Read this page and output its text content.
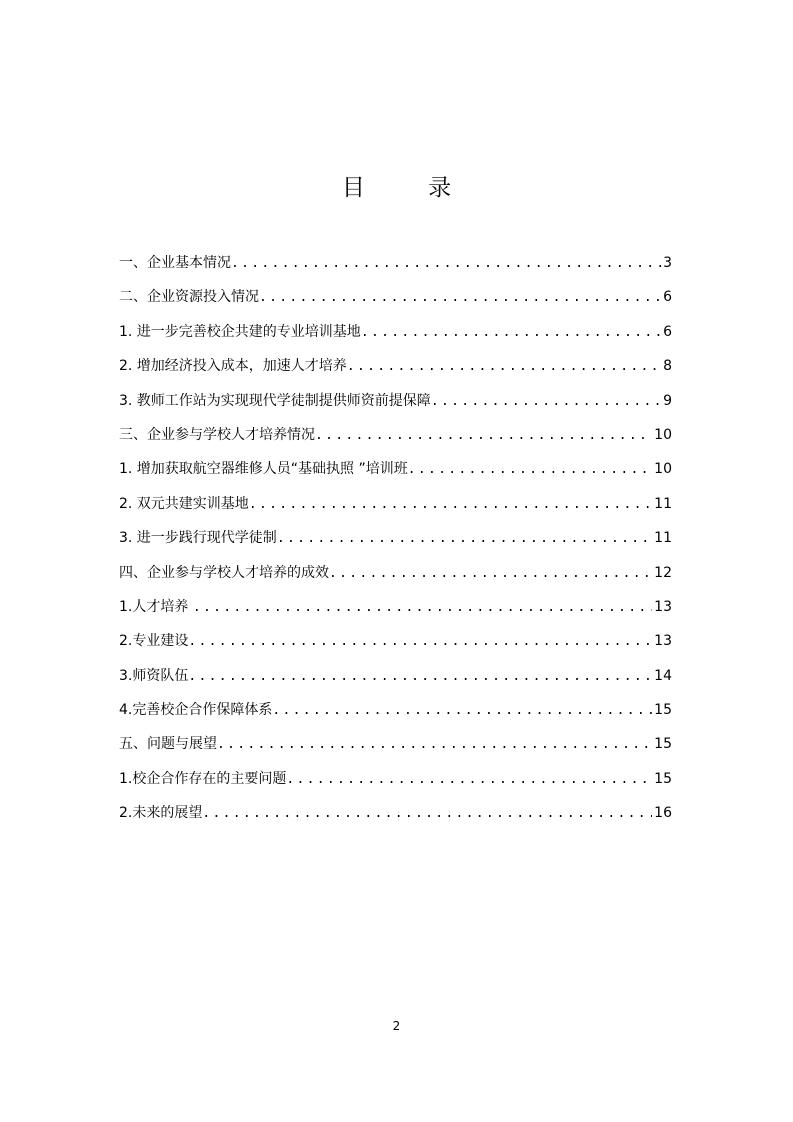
目 录
一、企业基本情况 .....	3
二、企业资源投入情况 .....	6
1. 进一步完善校企共建的专业培训基地 .....	6
2. 增加经济投入成本，加速人才培养 .....	8
3. 教师工作站为实现现代学徒制提供师资前提保障 .....	9
三、企业参与学校人才培养情况 .....	10
1. 增加获取航空器维修人员“基础执照 ”培训班 .....	10
2. 双元共建实训基地 .....	11
3. 进一步践行现代学徒制 .....	11
四、企业参与学校人才培养的成效 .....	12
1.人才培养 .....	13
2.专业建设 .....	13
3.师资队伍 .....	14
4.完善校企合作保障体系 .....	15
五、问题与展望 .....	15
1.校企合作存在的主要问题 .....	15
2.未来的展望 .....	16
2
